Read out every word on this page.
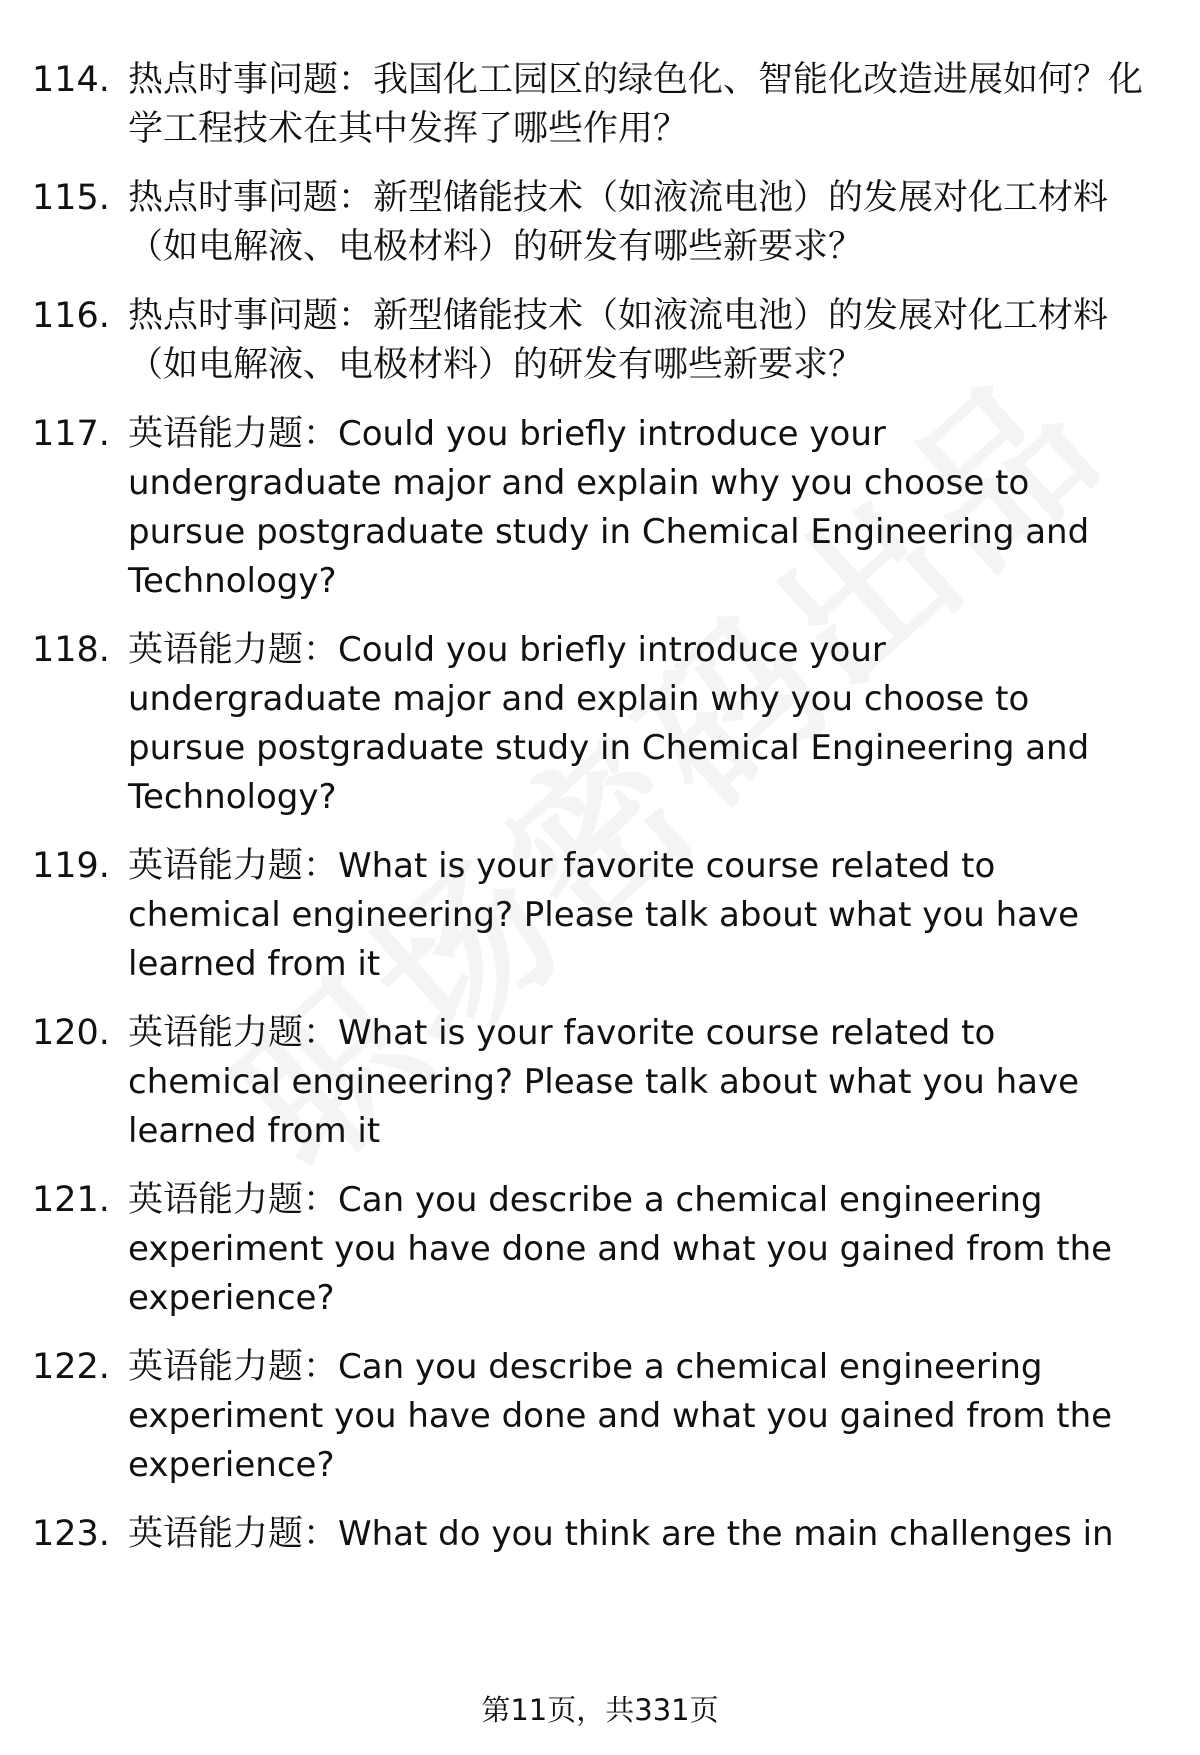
114. 热点时事问题：我国化工园区的绿色化、智能化改造进展如何？化学工程技术在其中发挥了哪些作用？
115. 热点时事问题：新型储能技术（如液流电池）的发展对化工材料（如电解液、电极材料）的研发有哪些新要求？
116. 热点时事问题：新型储能技术（如液流电池）的发展对化工材料（如电解液、电极材料）的研发有哪些新要求？
117. 英语能力题：Could you briefly introduce your undergraduate major and explain why you choose to pursue postgraduate study in Chemical Engineering and Technology?
118. 英语能力题：Could you briefly introduce your undergraduate major and explain why you choose to pursue postgraduate study in Chemical Engineering and Technology?
119. 英语能力题：What is your favorite course related to chemical engineering? Please talk about what you have learned from it
120. 英语能力题：What is your favorite course related to chemical engineering? Please talk about what you have learned from it
121. 英语能力题：Can you describe a chemical engineering experiment you have done and what you gained from the experience?
122. 英语能力题：Can you describe a chemical engineering experiment you have done and what you gained from the experience?
123. 英语能力题：What do you think are the main challenges in
第11页，共331页
